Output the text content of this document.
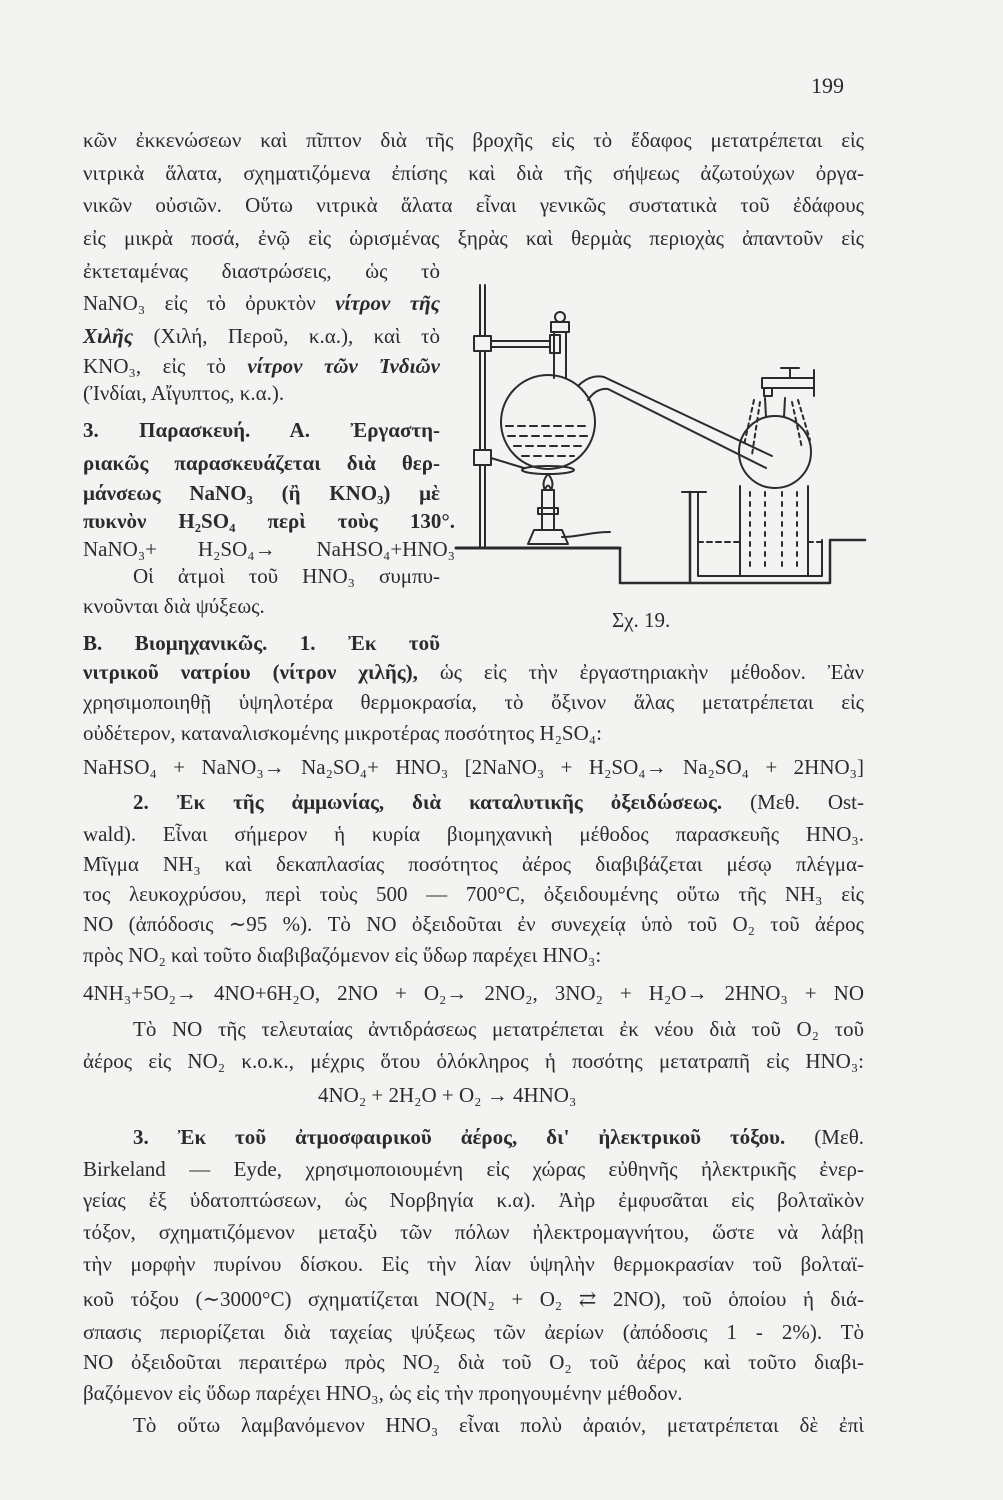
199
κῶν ἐκκενώσεων καὶ πῖπτον διὰ τῆς βροχῆς εἰς τὸ ἔδαφος μετατρέπεται εἰς
νιτρικὰ ἅλατα, σχηματιζόμενα ἐπίσης καὶ διὰ τῆς σήψεως ἀζωτούχων ὀργα-
νικῶν οὐσιῶν. Οὕτω νιτρικὰ ἅλατα εἶναι γενικῶς συστατικὰ τοῦ ἐδάφους
εἰς μικρὰ ποσά, ἐνῷ εἰς ὡρισμένας ξηρὰς καὶ θερμὰς περιοχὰς ἀπαντοῦν εἰς
ἐκτεταμένας διαστρώσεις, ὡς τὸ
NaNO₃ εἰς τὸ ὀρυκτὸν νίτρον τῆς
Χιλῆς (Χιλή, Περοῦ, κ.α.), καὶ τὸ
KNO₃, εἰς τὸ νίτρον τῶν Ἰνδιῶν
(Ἰνδίαι, Αἴγυπτος, κ.α.).
3. Παρασκευή. Α. Ἐργαστη-
ριακῶς παρασκευάζεται διὰ θερ-
μάνσεως NaNO₃ (ἢ KNO₃) μὲ
πυκνὸν H₂SO₄ περὶ τοὺς 130°.
NaNO₃+ H₂SO₄→ NaHSO₄+HNO₃
Οἱ ἀτμοὶ τοῦ HNO₃ συμπυ-
κνοῦνται διὰ ψύξεως.
Β. Βιομηχανικῶς. 1. Ἐκ τοῦ
νιτρικοῦ νατρίου (νίτρον χιλῆς), ὡς εἰς τὴν ἐργαστηριακὴν μέθοδον. Ἐὰν
χρησιμοποιηθῇ ὑψηλοτέρα θερμοκρασία, τὸ ὄξινον ἅλας μετατρέπεται εἰς
οὐδέτερον, καταναλισκομένης μικροτέρας ποσότητος H₂SO₄:
NaHSO₄ + NaNO₃→ Na₂SO₄+ HNO₃ [2NaNO₃ + H₂SO₄→ Na₂SO₄ + 2HNO₃]
2. Ἐκ τῆς ἀμμωνίας, διὰ καταλυτικῆς ὀξειδώσεως. (Μεθ. Ost-
wald). Εἶναι σήμερον ἡ κυρία βιομηχανικὴ μέθοδος παρασκευῆς HNO₃.
Μῖγμα NH₃ καὶ δεκαπλασίας ποσότητος ἀέρος διαβιβάζεται μέσῳ πλέγμα-
τος λευκοχρύσου, περὶ τοὺς 500 — 700°C, ὀξειδουμένης οὕτω τῆς NH₃ εἰς
NO (ἀπόδοσις ∼95 %). Τὸ NO ὀξειδοῦται ἐν συνεχείᾳ ὑπὸ τοῦ O₂ τοῦ ἀέρος
πρὸς NO₂ καὶ τοῦτο διαβιβαζόμενον εἰς ὕδωρ παρέχει HNO₃:
4NH₃+5O₂→ 4NO+6H₂O, 2NO + O₂→ 2NO₂, 3NO₂ + H₂O→ 2HNO₃ + NO
Τὸ NO τῆς τελευταίας ἀντιδράσεως μετατρέπεται ἐκ νέου διὰ τοῦ O₂ τοῦ
ἀέρος εἰς NO₂ κ.ο.κ., μέχρις ὅτου ὁλόκληρος ἡ ποσότης μετατραπῆ εἰς HNO₃:
4NO₂ + 2H₂O + O₂ → 4HNO₃
3. Ἐκ τοῦ ἀτμοσφαιρικοῦ ἀέρος, δι' ἠλεκτρικοῦ τόξου. (Μεθ.
Birkeland — Eyde, χρησιμοποιουμένη εἰς χώρας εὐθηνῆς ἠλεκτρικῆς ἐνερ-
γείας ἐξ ὑδατοπτώσεων, ὡς Νορβηγία κ.α). Ἀὴρ ἐμφυσᾶται εἰς βολταϊκὸν
τόξον, σχηματιζόμενον μεταξὺ τῶν πόλων ἠλεκτρομαγνήτου, ὥστε νὰ λάβῃ
τὴν μορφὴν πυρίνου δίσκου. Εἰς τὴν λίαν ὑψηλὴν θερμοκρασίαν τοῦ βολταϊ-
κοῦ τόξου (∼3000°C) σχηματίζεται NO(N₂ + O₂ ⇄ 2NO), τοῦ ὁποίου ἡ διά-
σπασις περιορίζεται διὰ ταχείας ψύξεως τῶν ἀερίων (ἀπόδοσις 1 - 2%). Τὸ
NO ὀξειδοῦται περαιτέρω πρὸς NO₂ διὰ τοῦ O₂ τοῦ ἀέρος καὶ τοῦτο διαβι-
βαζόμενον εἰς ὕδωρ παρέχει HNO₃, ὡς εἰς τὴν προηγουμένην μέθοδον.
Τὸ οὕτω λαμβανόμενον HNO₃ εἶναι πολὺ ἀραιόν, μετατρέπεται δὲ ἐπὶ
Σχ. 19.
